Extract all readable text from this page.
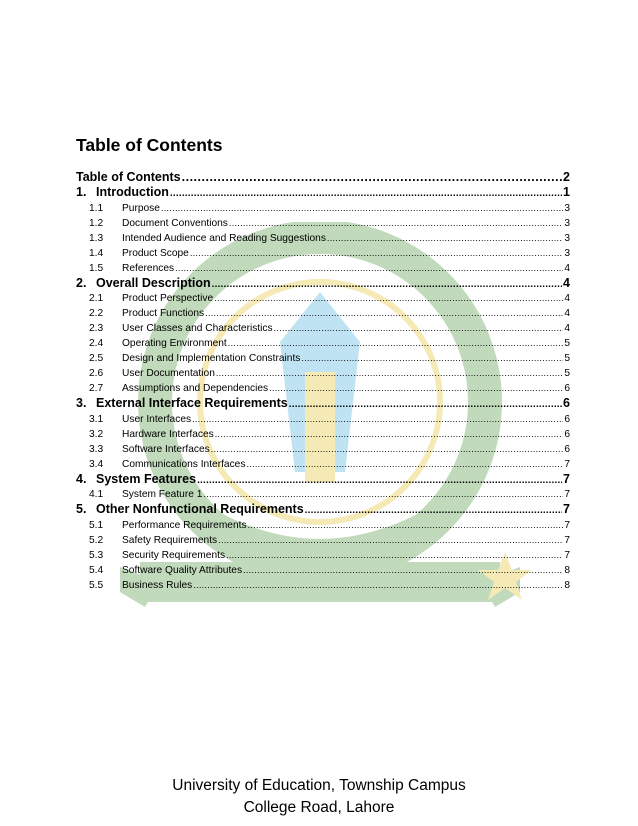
Table of Contents
Table of Contents .....	2
1. Introduction .....	1
1.1	Purpose .....	3
1.2	Document Conventions .....	3
1.3	Intended Audience and Reading Suggestions .....	3
1.4	Product Scope .....	3
1.5	References .....	4
2. Overall Description .....	4
2.1	Product Perspective .....	4
2.2	Product Functions .....	4
2.3	User Classes and Characteristics .....	4
2.4	Operating Environment .....	5
2.5	Design and Implementation Constraints .....	5
2.6	User Documentation .....	5
2.7	Assumptions and Dependencies .....	6
3. External Interface Requirements .....	6
3.1	User Interfaces .....	6
3.2	Hardware Interfaces .....	6
3.3	Software Interfaces .....	6
3.4	Communications Interfaces .....	7
4. System Features .....	7
4.1	System Feature 1 .....	7
5. Other Nonfunctional Requirements .....	7
5.1	Performance Requirements .....	7
5.2	Safety Requirements .....	7
5.3	Security Requirements .....	7
5.4	Software Quality Attributes .....	8
5.5	Business Rules .....	8
University of Education, Township Campus
College Road, Lahore
